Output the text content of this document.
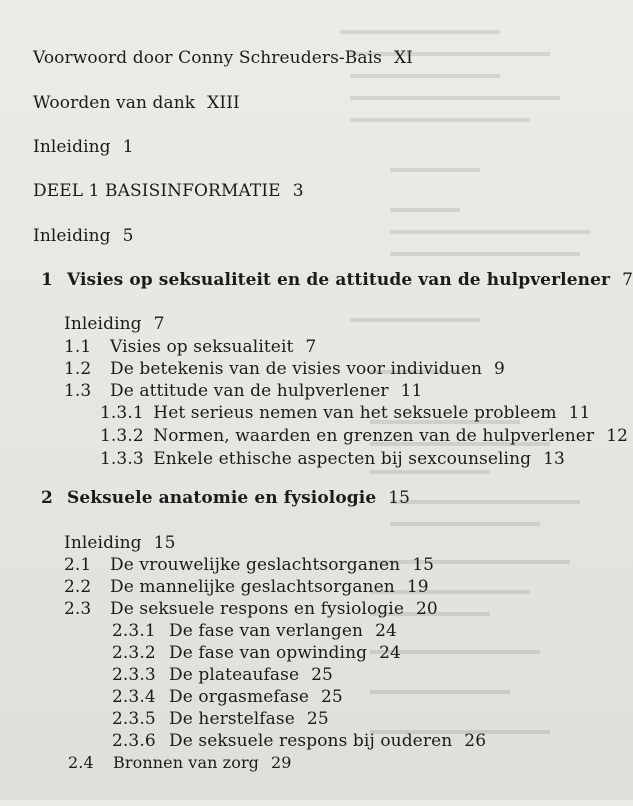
Voorwoord door Conny Schreuders-Bais XI
Woorden van dank XIII
Inleiding 1
DEEL 1 BASISINFORMATIE 3
Inleiding 5
1 Visies op seksualiteit en de attitude van de hulpverlener 7
Inleiding 7
1.1 Visies op seksualiteit 7
1.2 De betekenis van de visies voor individuen 9
1.3 De attitude van de hulpverlener 11
1.3.1 Het serieus nemen van het seksuele probleem 11
1.3.2 Normen, waarden en grenzen van de hulpverlener 12
1.3.3 Enkele ethische aspecten bij sexcounseling 13
2 Seksuele anatomie en fysiologie 15
Inleiding 15
2.1 De vrouwelijke geslachtsorganen 15
2.2 De mannelijke geslachtsorganen 19
2.3 De seksuele respons en fysiologie 20
2.3.1 De fase van verlangen 24
2.3.2 De fase van opwinding 24
2.3.3 De plateaufase 25
2.3.4 De orgasmefase 25
2.3.5 De herstelfase 25
2.3.6 De seksuele respons bij ouderen 26
2.4 Bronnen van zorg 29
